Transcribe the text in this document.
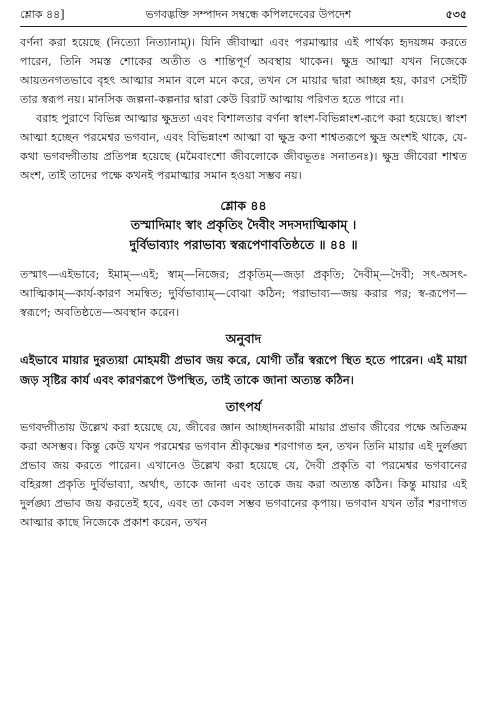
শ্লোক ৪৪]	ভগবদ্ভক্তি সম্পাদন সম্বন্ধে কপিলদেবের উপদেশ	৫৩৫

বর্ণনা করা হয়েছে (নিত্যো নিত্যানাম্)। যিনি জীবাত্মা এবং পরমাত্মার এই পার্থক্য হৃদয়ঙ্গম করতে পারেন, তিনি সমস্ত শোকের অতীত ও শান্তিপূর্ণ অবস্থায় থাকেন। ক্ষুদ্র আত্মা যখন নিজেকে আয়তনগতভাবে বৃহৎ আত্মার সমান বলে মনে করে, তখন সে মায়ার দ্বারা আচ্ছন্ন হয়, কারণ সেইটি তার স্বরূপ নয়। মানসিক জল্পনা-কল্পনার দ্বারা কেউ বিরাট আত্মায় পরিণত হতে পারে না।

বরাহ পুরাণে বিভিন্ন আত্মার ক্ষুদ্রতা এবং বিশালতার বর্ণনা স্বাংশ-বিভিন্নাংশ-রূপে করা হয়েছে। স্বাংশ আত্মা হচ্ছেন পরমেশ্বর ভগবান, এবং বিভিন্নাংশ আত্মা বা ক্ষুদ্র কণা শাশ্বতরূপে ক্ষুদ্র অংশই থাকে, যে-কথা ভগবদ্গীতায় প্রতিপন্ন হয়েছে (মমৈবাংশো জীবলোকে জীবভূতঃ সনাতনঃ)। ক্ষুদ্র জীবেরা শাশ্বত অংশ, তাই তাদের পক্ষে কখনই পরমাত্মার সমান হওয়া সম্ভব নয়।

শ্লোক ৪৪
তস্মাদিমাং স্বাং প্রকৃতিং দৈবীং সদসদাত্মিকাম্ ।
দুর্বিভাব্যাং পরাভাব্য স্বরূপেণাবতিষ্ঠতে ॥ ৪৪ ॥

তস্মাৎ—এইভাবে; ইমাম্—এই; স্বাম্—নিজের; প্রকৃতিম্—জড়া প্রকৃতি; দৈবীম্—দৈবী; সৎ-অসৎ-আত্মিকাম্—কার্য-কারণ সমন্বিত; দুর্বিভাব্যাম্—বোঝা কঠিন; পরাভাব্য—জয় করার পর; স্ব-রূপেণ—স্বরূপে; অবতিষ্ঠতে—অবস্থান করেন।

অনুবাদ

এইভাবে মায়ার দুরত্যয়া মোহময়ী প্রভাব জয় করে, যোগী তাঁর স্বরূপে স্থিত হতে পারেন। এই মায়া জড় সৃষ্টির কার্য এবং কারণরূপে উপস্থিত, তাই তাকে জানা অত্যন্ত কঠিন।

তাৎপর্য

ভগবদ্গীতায় উল্লেখ করা হয়েছে যে, জীবের জ্ঞান আচ্ছাদনকারী মায়ার প্রভাব জীবের পক্ষে অতিক্রম করা অসম্ভব। কিন্তু কেউ যখন পরমেশ্বর ভগবান শ্রীকৃষ্ণের শরণাগত হন, তখন তিনি মায়ার এই দুর্লঙ্ঘ্য প্রভাব জয় করতে পারেন। এখানেও উল্লেখ করা হয়েছে যে, দৈবী প্রকৃতি বা পরমেশ্বর ভগবানের বহিরঙ্গা প্রকৃতি দুর্বিভাব্যা, অর্থাৎ, তাকে জানা এবং তাকে জয় করা অত্যন্ত কঠিন। কিন্তু মায়ার এই দুর্লঙ্ঘ্য প্রভাব জয় করতেই হবে, এবং তা কেবল সম্ভব ভগবানের কৃপায়। ভগবান যখন তাঁর শরণাগত আত্মার কাছে নিজেকে প্রকাশ করেন, তখন
